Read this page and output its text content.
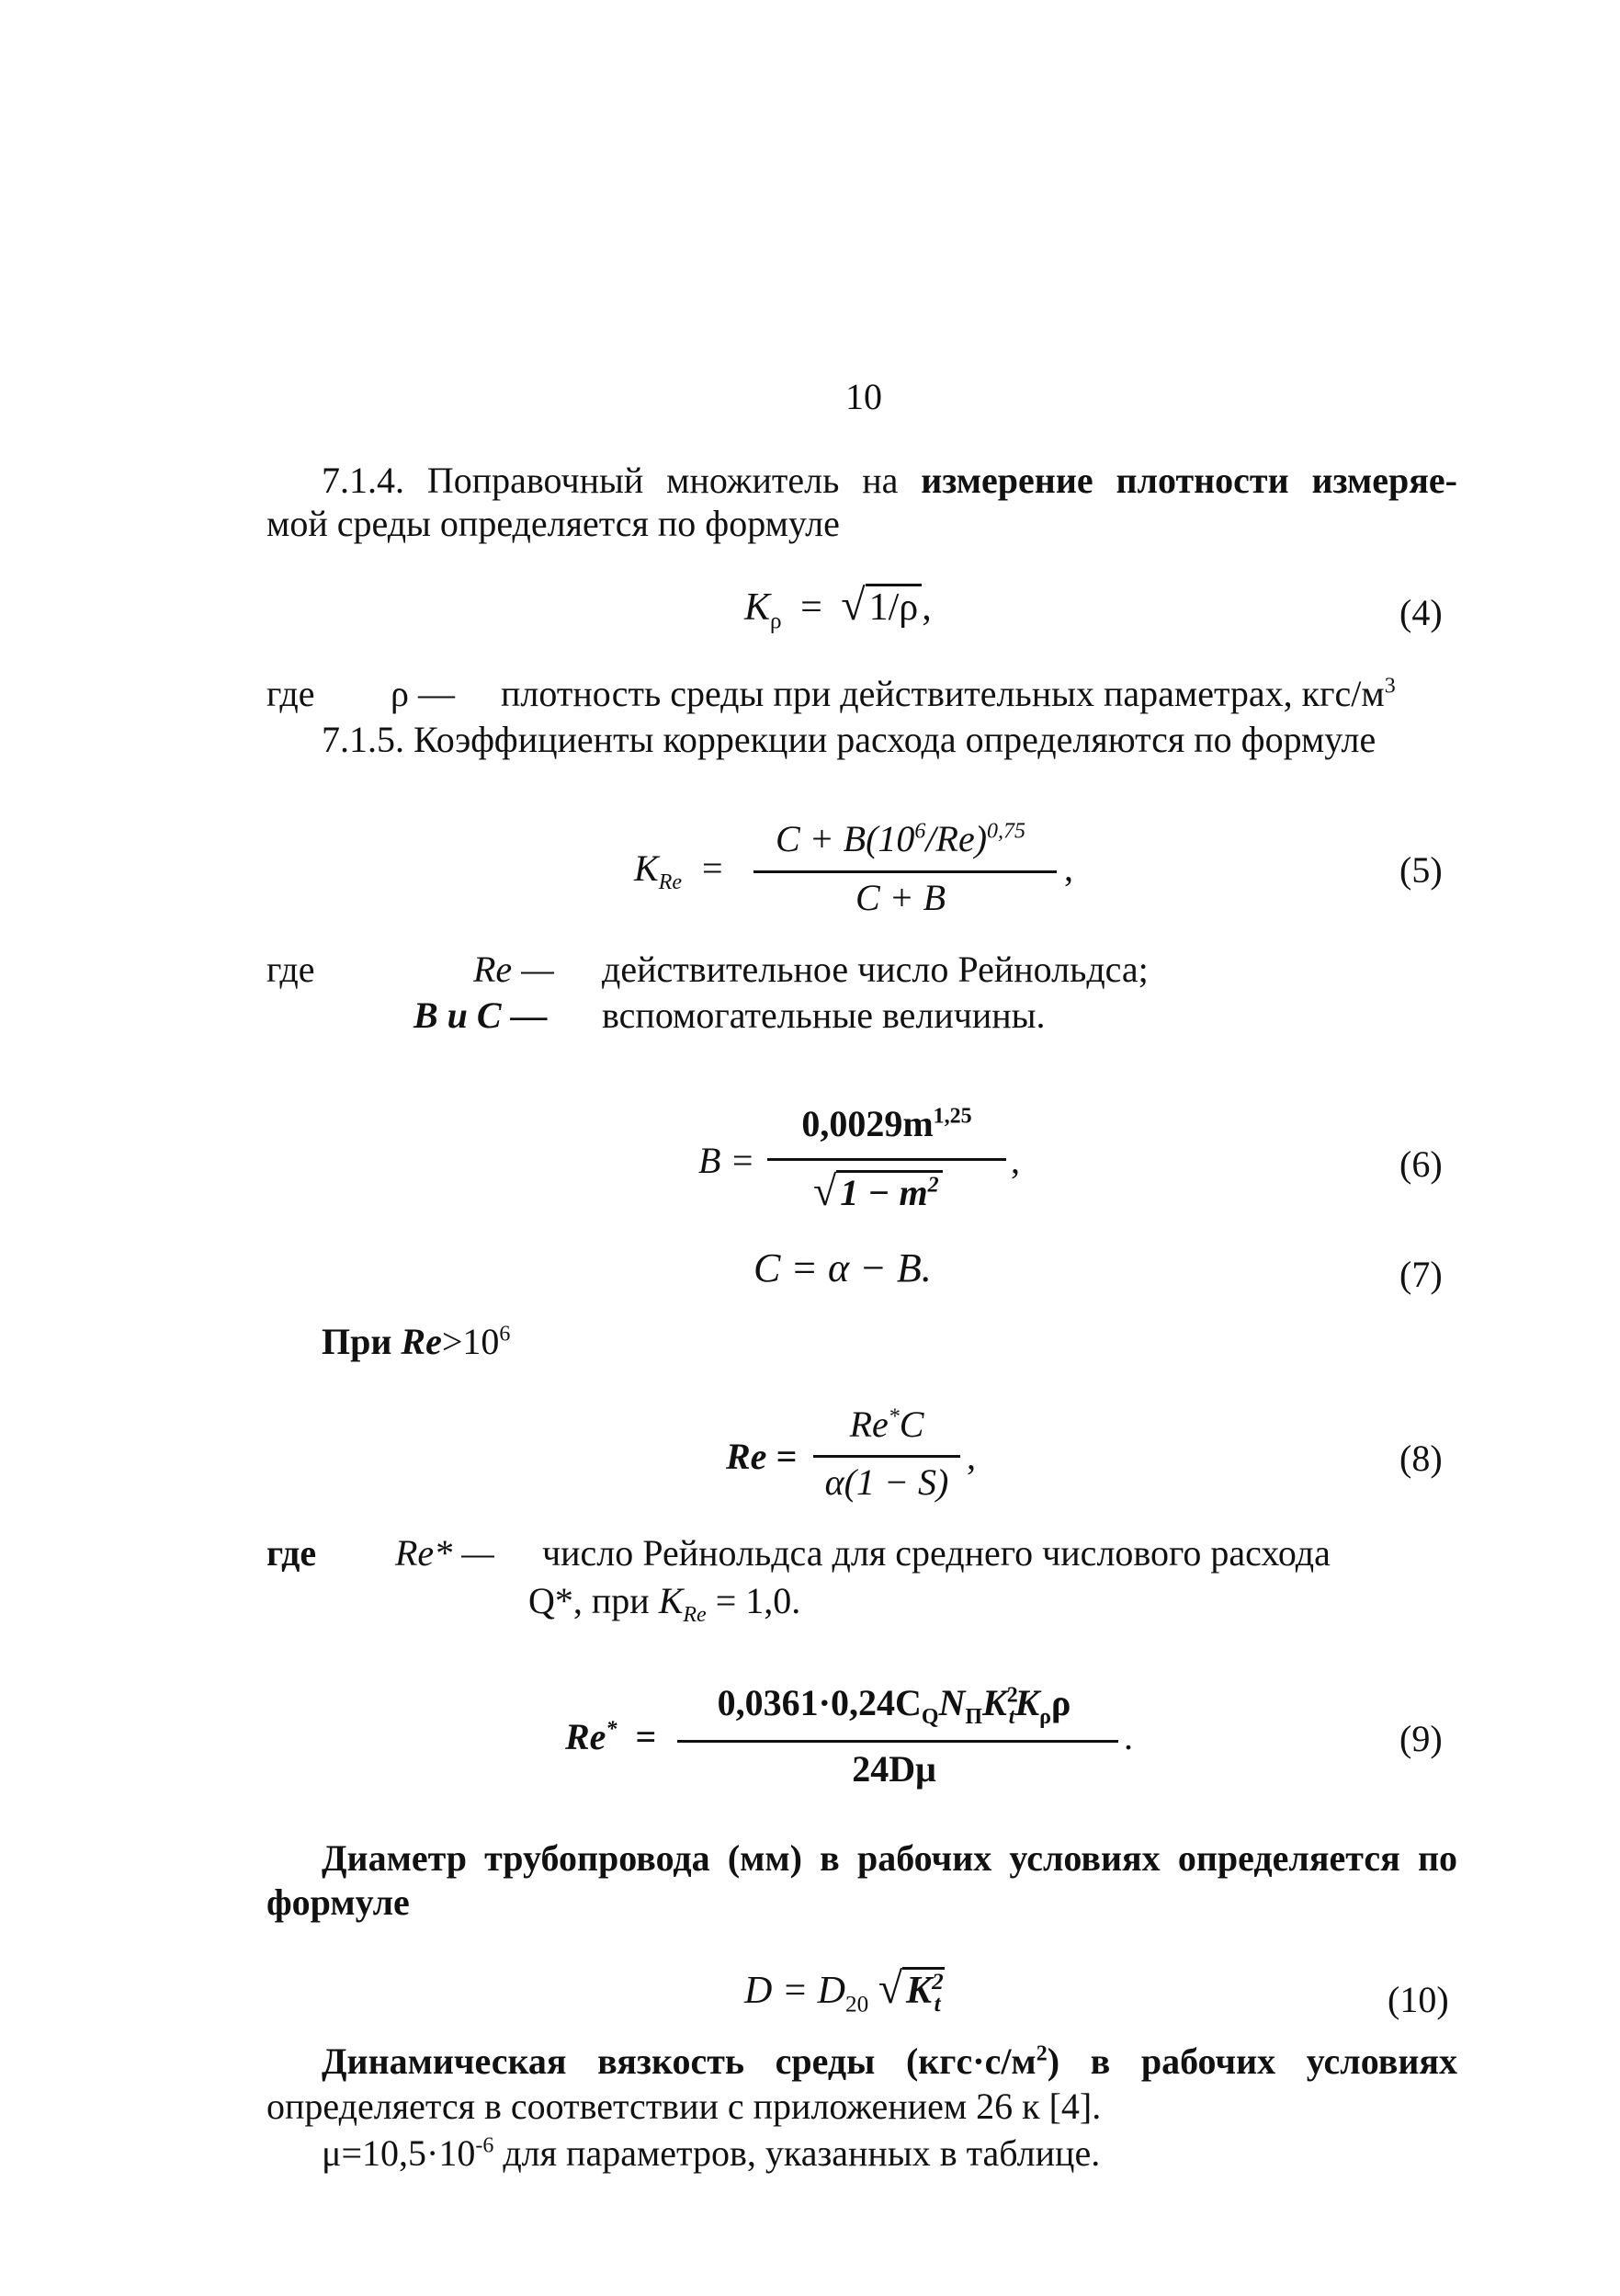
10
7.1.4. Поправочный множитель на измерение плотности измеряе-
мой среды определяется по формуле
$K_\rho = √1/\rho$,	(4)
где ρ — плотность среды при действительных параметрах, кгс/$м^3$
7.1.5. Коэффициенты коррекции расхода определяются по формуле
$K_{Re}$ =
$C + B(10^6/Re)^{0,75}$
C + B
,	(5)
где	Re — действительное число Рейнольдса;
B и C — вспомогательные величины.
B =
$0,0029m^{1,25}$
√ $1 - m^2$
,	(6)
C = α − B.	(7)
При $Re>10^6$
Re =
Re*C
α(1 − S)
,	(8)
где Re* — число Рейнольдса для среднего числового расхода
Q*, при $K_{Re} = 1,0$.
Re* =
$0,0361\cdot 0,24C_QN_ПK^2_tK_\rho\rho$
24Dμ
.	(9)
Диаметр трубопровода (мм) в рабочих условиях определяется по
формуле
$D = D_{20}$ $√K^2_t$	(10)
Динамическая вязкость среды $(кгс\cdot с/м^2)$ в рабочих условиях
определяется в соответствии с приложением 26 к [4].
$\mu=10,5\cdot 10^{-6}$ для параметров, указанных в таблице.
